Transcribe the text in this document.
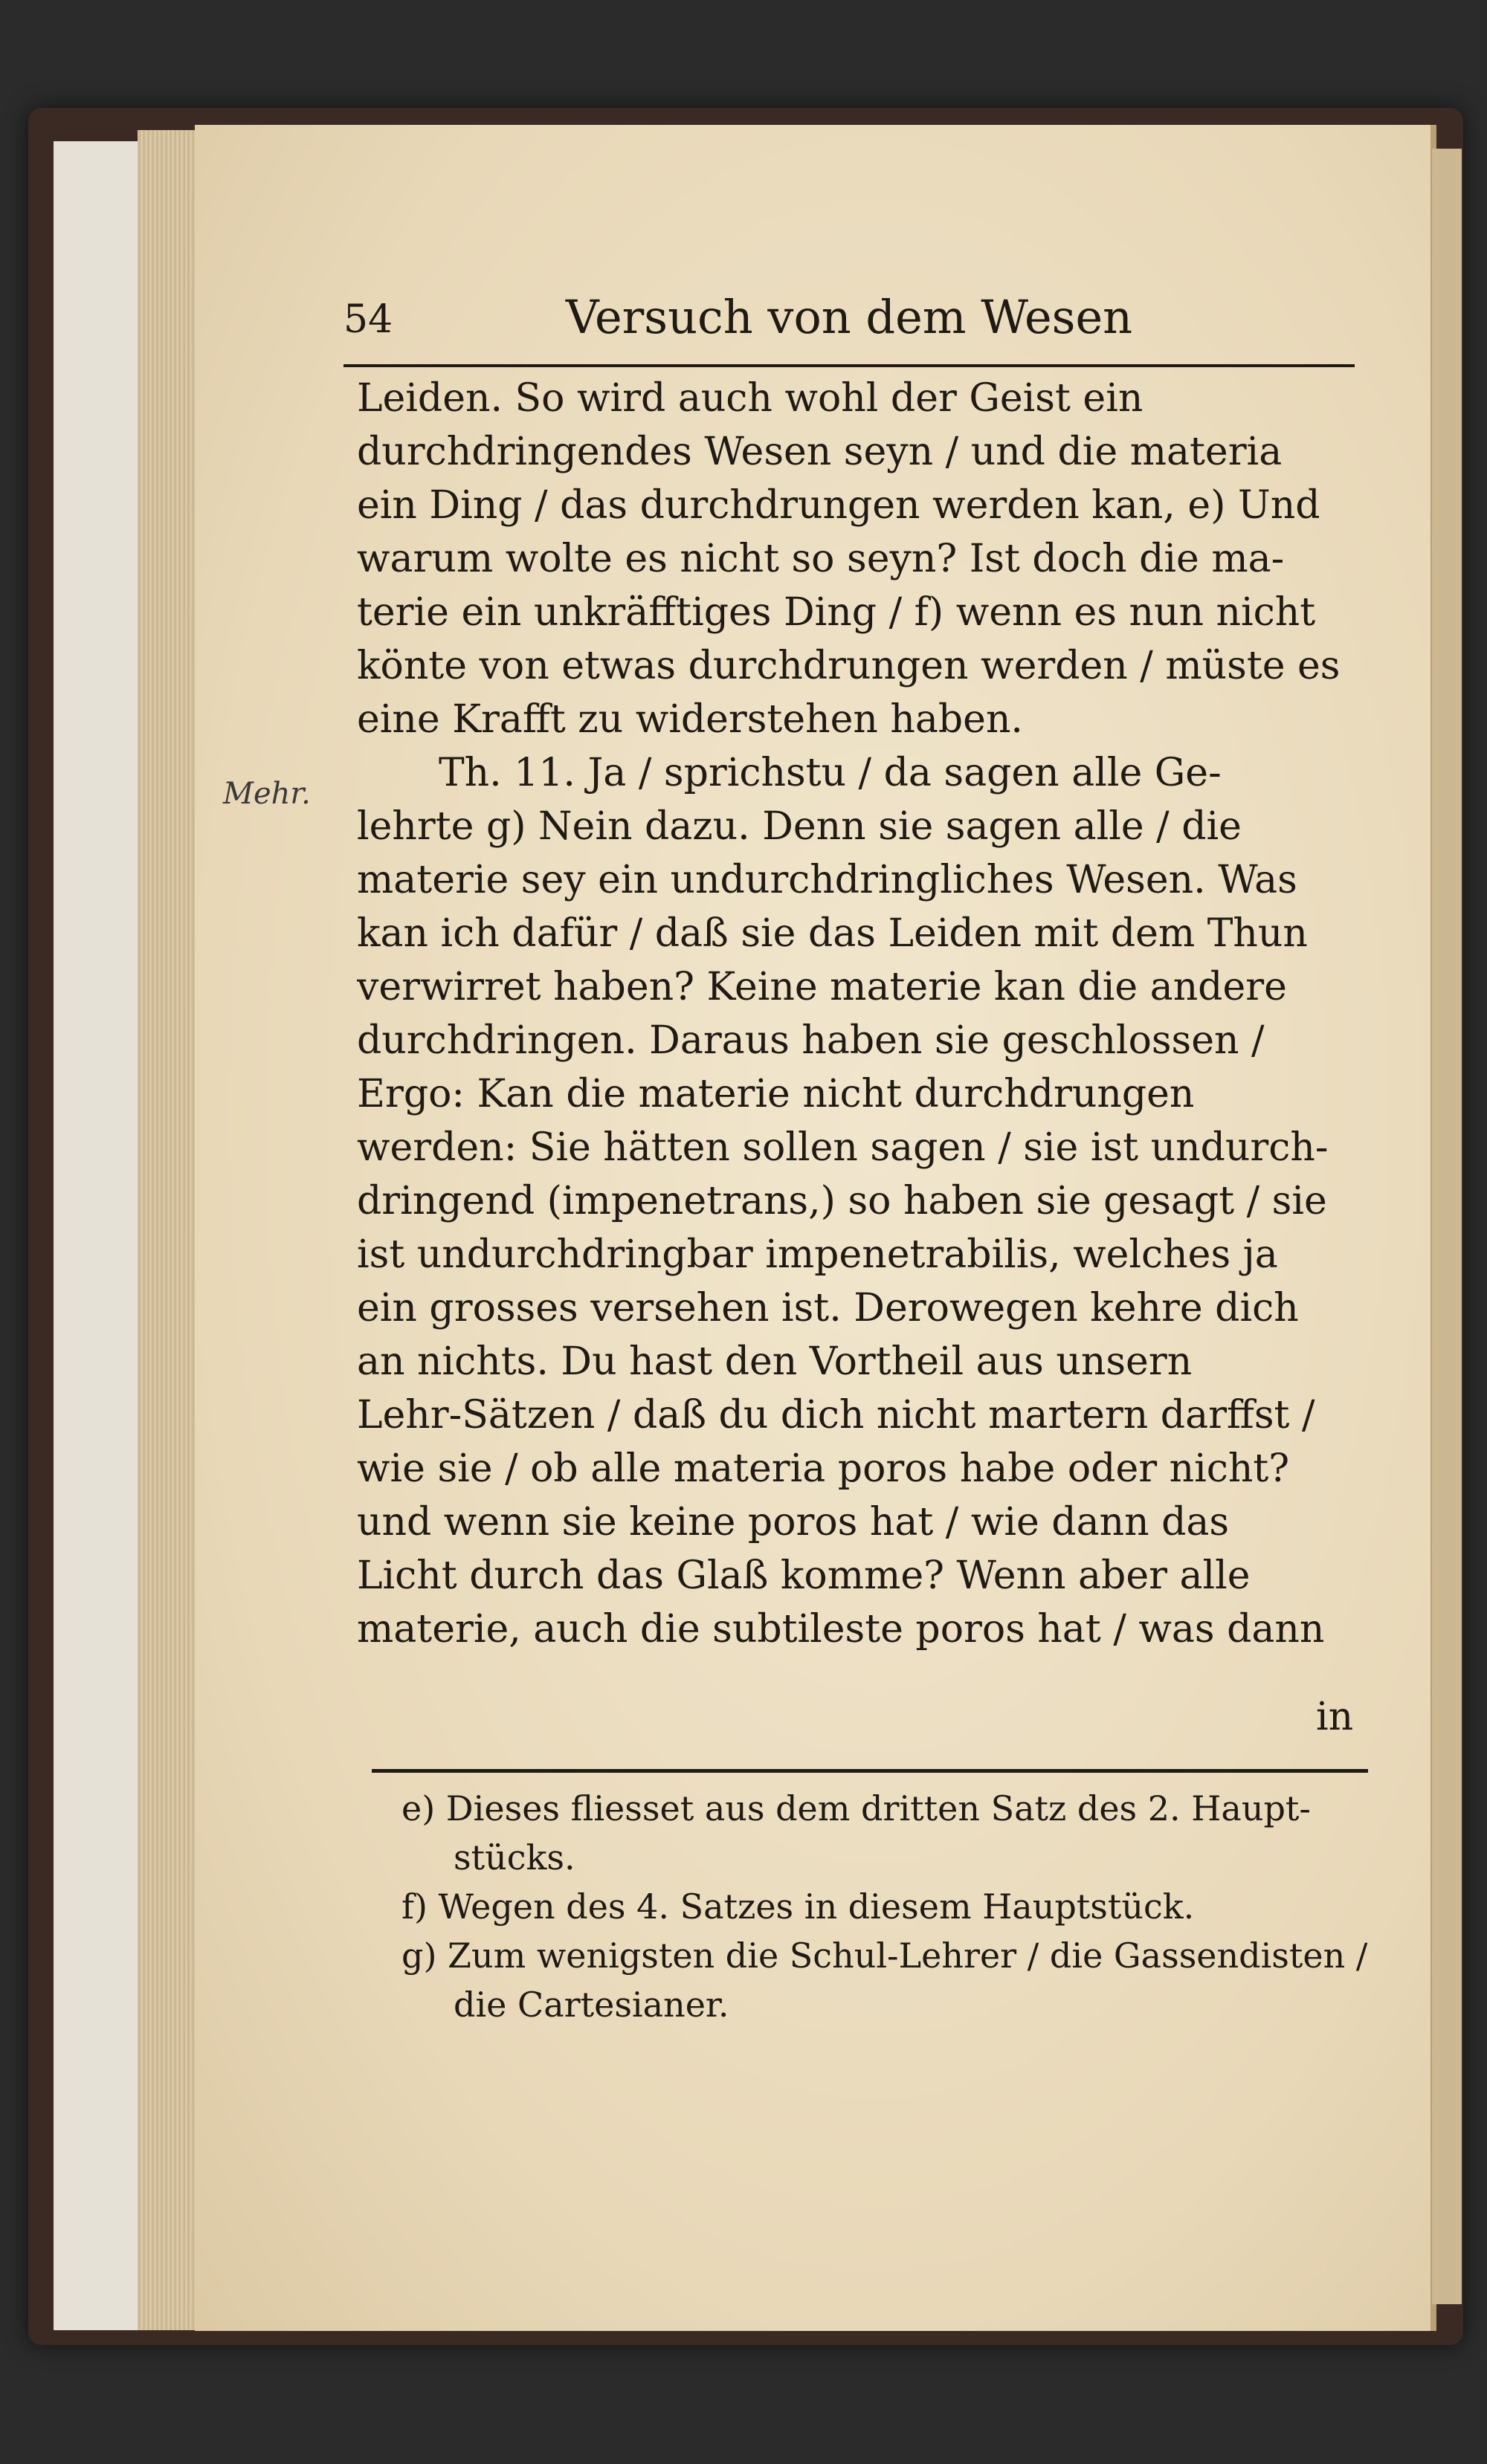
54	Versuch von dem Wesen
Mehr.
Leiden. So wird auch wohl der Geist ein
durchdringendes Wesen seyn / und die materia
ein Ding / das durchdrungen werden kan, e) Und
warum wolte es nicht so seyn? Ist doch die ma-
terie ein unkräfftiges Ding / f) wenn es nun nicht
könte von etwas durchdrungen werden / müste es
eine Krafft zu widerstehen haben.
Th. 11. Ja / sprichstu / da sagen alle Ge-
lehrte g) Nein dazu. Denn sie sagen alle / die
materie sey ein undurchdringliches Wesen. Was
kan ich dafür / daß sie das Leiden mit dem Thun
verwirret haben? Keine materie kan die andere
durchdringen. Daraus haben sie geschlossen /
Ergo: Kan die materie nicht durchdrungen
werden: Sie hätten sollen sagen / sie ist undurch-
dringend (impenetrans,) so haben sie gesagt / sie
ist undurchdringbar impenetrabilis, welches ja
ein grosses versehen ist. Derowegen kehre dich
an nichts. Du hast den Vortheil aus unsern
Lehr-Sätzen / daß du dich nicht martern darffst /
wie sie / ob alle materia poros habe oder nicht?
und wenn sie keine poros hat / wie dann das
Licht durch das Glaß komme? Wenn aber alle
materie, auch die subtileste poros hat / was dann
in
e) Dieses fliesset aus dem dritten Satz des 2. Haupt-
stücks.
f) Wegen des 4. Satzes in diesem Hauptstück.
g) Zum wenigsten die Schul-Lehrer / die Gassendisten /
die Cartesianer.
